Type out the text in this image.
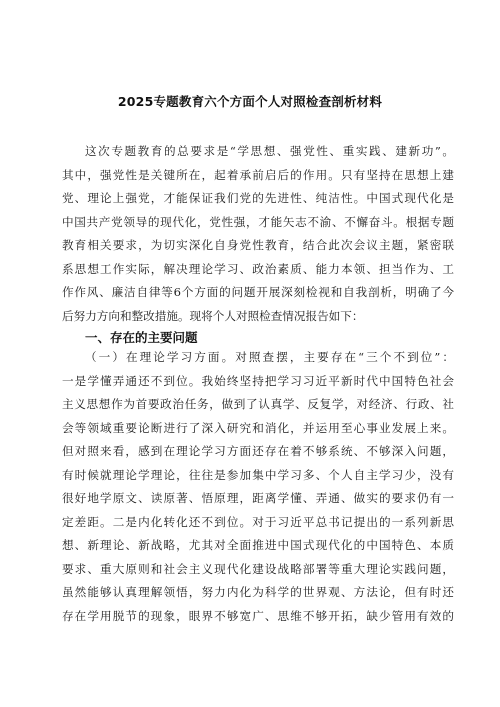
2025专题教育六个方面个人对照检查剖析材料
这次专题教育的总要求是“学思想、强党性、重实践、建新功”。
其中，强党性是关键所在，起着承前启后的作用。只有坚持在思想上建
党、理论上强党，才能保证我们党的先进性、纯洁性。中国式现代化是
中国共产党领导的现代化，党性强，才能矢志不渝、不懈奋斗。根据专题
教育相关要求，为切实深化自身党性教育，结合此次会议主题，紧密联
系思想工作实际，解决理论学习、政治素质、能力本领、担当作为、工
作作风、廉洁自律等6个方面的问题开展深刻检视和自我剖析，明确了今
后努力方向和整改措施。现将个人对照检查情况报告如下：
一、存在的主要问题
（一）在理论学习方面。对照查摆，主要存在“三个不到位”：
一是学懂弄通还不到位。我始终坚持把学习习近平新时代中国特色社会
主义思想作为首要政治任务，做到了认真学、反复学，对经济、行政、社
会等领域重要论断进行了深入研究和消化，并运用至心事业发展上来。
但对照来看，感到在理论学习方面还存在着不够系统、不够深入问题，
有时候就理论学理论，往往是参加集中学习多、个人自主学习少，没有
很好地学原文、读原著、悟原理，距离学懂、弄通、做实的要求仍有一
定差距。二是内化转化还不到位。对于习近平总书记提出的一系列新思
想、新理论、新战略，尤其对全面推进中国式现代化的中国特色、本质
要求、重大原则和社会主义现代化建设战略部署等重大理论实践问题，
虽然能够认真理解领悟，努力内化为科学的世界观、方法论，但有时还
存在学用脱节的现象，眼界不够宽广、思维不够开拓，缺少管用有效的
